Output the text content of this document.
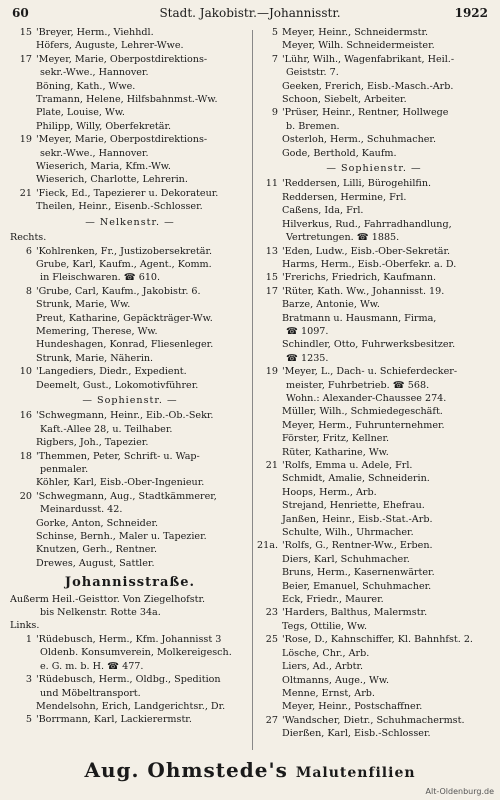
60	Stadt. Jakobistr.—Johannisstr.	1922
15 'Breyer, Herm., Viehhdl.
Höfers, Auguste, Lehrer-Wwe.
17 'Meyer, Marie, Oberpostdirektions-
sekr.-Wwe., Hannover.
Böning, Kath., Wwe.
Tramann, Helene, Hilfsbahnmst.-Ww.
Plate, Louise, Ww.
Philipp, Willy, Oberfekretär.
19 'Meyer, Marie, Oberpostdirektions-
sekr.-Wwe., Hannover.
Wieserich, Maria, Kfm.-Ww.
Wieserich, Charlotte, Lehrerin.
21 'Fieck, Ed., Tapezierer u. Dekorateur.
Theilen, Heinr., Eisenb.-Schlosser.
— Nelkenstr. —
Rechts.
6 'Kohlrenken, Fr., Justizobersekretär.
Grube, Karl, Kaufm., Agent., Komm.
in Fleischwaren. ☎ 610.
8 'Grube, Carl, Kaufm., Jakobistr. 6.
Strunk, Marie, Ww.
Preut, Katharine, Gepäckträger-Ww.
Memering, Therese, Ww.
Hundeshagen, Konrad, Fliesenleger.
Strunk, Marie, Näherin.
10 'Langediers, Diedr., Expedient.
Deemelt, Gust., Lokomotivführer.
— Sophienstr. —
16 'Schwegmann, Heinr., Eib.-Ob.-Sekr.
Kaft.-Allee 28, u. Teilhaber.
Rigbers, Joh., Tapezier.
18 'Themmen, Peter, Schrift- u. Wap-
penmaler.
Köhler, Karl, Eisb.-Ober-Ingenieur.
20 'Schwegmann, Aug., Stadtkämmerer,
Meinardusst. 42.
Gorke, Anton, Schneider.
Schinse, Bernh., Maler u. Tapezier.
Knutzen, Gerh., Rentner.
Drewes, August, Sattler.
Johannisstraße.
Außerm Heil.-Geisttor. Von Ziegelhofstr.
bis Nelkenstr. Rotte 34a.
Links.
1 'Rüdebusch, Herm., Kfm. Johannisst 3
Oldenb. Konsumverein, Molkereigesch.
e. G. m. b. H. ☎ 477.
3 'Rüdebusch, Herm., Oldbg., Spedition
und Möbeltransport.
Mendelsohn, Erich, Landgerichtsr., Dr.
5 'Borrmann, Karl, Lackierermstr.
5 Meyer, Heinr., Schneidermstr.
Meyer, Wilh. Schneidermeister.
7 'Lühr, Wilh., Wagenfabrikant, Heil.-
Geiststr. 7.
Geeken, Frerich, Eisb.-Masch.-Arb.
Schoon, Siebelt, Arbeiter.
9 'Prüser, Heinr., Rentner, Hollwege
b. Bremen.
Osterloh, Herm., Schuhmacher.
Gode, Berthold, Kaufm.
— Sophienstr. —
11 'Reddersen, Lilli, Bürogehilfin.
Reddersen, Hermine, Frl.
Caßens, Ida, Frl.
Hilverkus, Rud., Fahrradhandlung,
Vertretungen. ☎ 1885.
13 'Eden, Ludw., Eisb.-Ober-Sekretär.
Harms, Herm., Eisb.-Oberfekr. a. D.
15 'Frerichs, Friedrich, Kaufmann.
17 'Rüter, Kath. Ww., Johannisst. 19.
Barze, Antonie, Ww.
Bratmann u. Hausmann, Firma,
☎ 1097.
Schindler, Otto, Fuhrwerksbesitzer.
☎ 1235.
19 'Meyer, L., Dach- u. Schieferdecker-
meister, Fuhrbetrieb. ☎ 568.
Wohn.: Alexander-Chaussee 274.
Müller, Wilh., Schmiedegeschäft.
Meyer, Herm., Fuhrunternehmer.
Förster, Fritz, Kellner.
Rüter, Katharine, Ww.
21 'Rolfs, Emma u. Adele, Frl.
Schmidt, Amalie, Schneiderin.
Hoops, Herm., Arb.
Strejand, Henriette, Ehefrau.
Janßen, Heinr., Eisb.-Stat.-Arb.
Schulte, Wilh., Uhrmacher.
21a. 'Rolfs, G., Rentner-Ww., Erben.
Diers, Karl, Schuhmacher.
Bruns, Herm., Kasernenwärter.
Beier, Emanuel, Schuhmacher.
Eck, Friedr., Maurer.
23 'Harders, Balthus, Malermstr.
Tegs, Ottilie, Ww.
25 'Rose, D., Kahnschiffer, Kl. Bahnhfst. 2.
Lösche, Chr., Arb.
Liers, Ad., Arbtr.
Oltmanns, Auge., Ww.
Menne, Ernst, Arb.
Meyer, Heinr., Postschaffner.
27 'Wandscher, Dietr., Schuhmachermst.
Dierßen, Karl, Eisb.-Schlosser.
Aug. Ohmstede's Malutenfilien
Alt-Oldenburg.de
